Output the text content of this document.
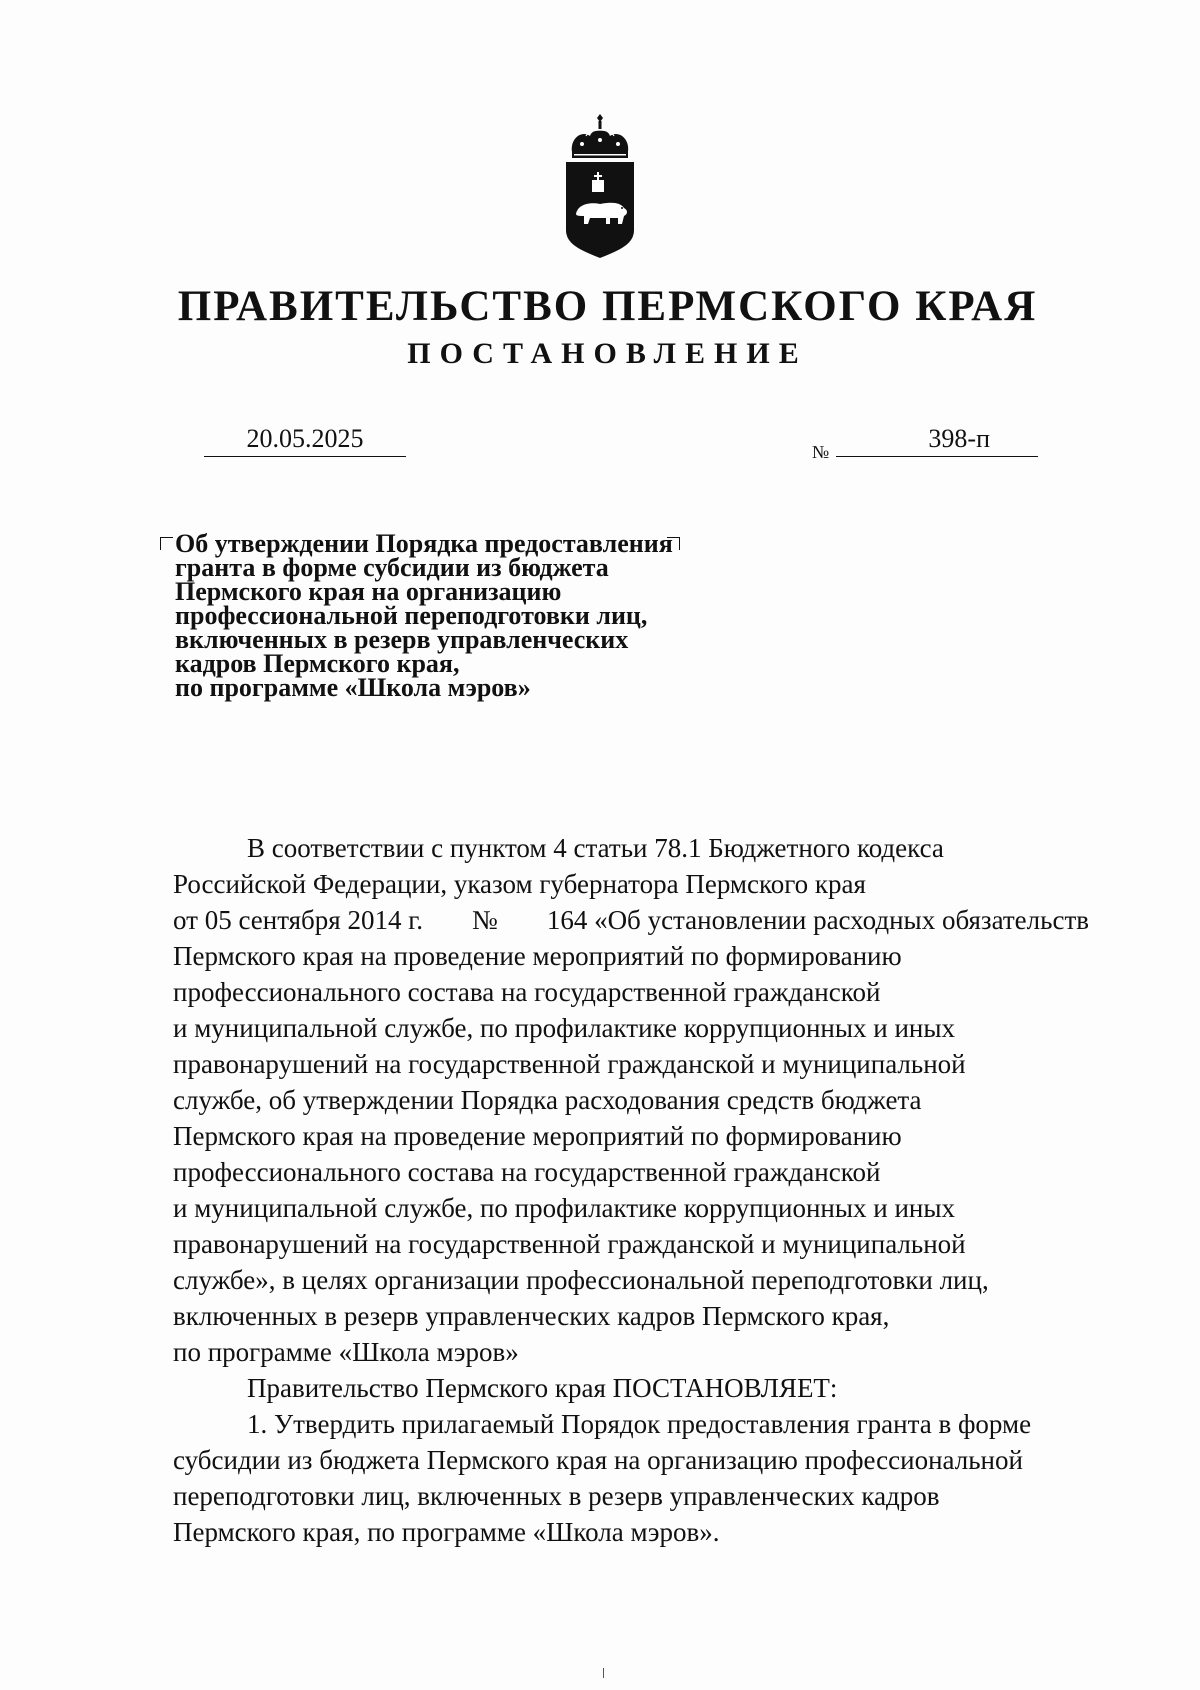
ПРАВИТЕЛЬСТВО ПЕРМСКОГО КРАЯ
ПОСТАНОВЛЕНИЕ
20.05.2025	№	398-п
Об утверждении Порядка предоставления
гранта в форме субсидии из бюджета
Пермского края на организацию
профессиональной переподготовки лиц,
включенных в резерв управленческих
кадров Пермского края,
по программе «Школа мэров»
В соответствии с пунктом 4 статьи 78.1 Бюджетного кодекса
Российской Федерации, указом губернатора Пермского края
от 05 сентября 2014 г. № 164 «Об установлении расходных обязательств
Пермского края на проведение мероприятий по формированию
профессионального состава на государственной гражданской
и муниципальной службе, по профилактике коррупционных и иных
правонарушений на государственной гражданской и муниципальной
службе, об утверждении Порядка расходования средств бюджета
Пермского края на проведение мероприятий по формированию
профессионального состава на государственной гражданской
и муниципальной службе, по профилактике коррупционных и иных
правонарушений на государственной гражданской и муниципальной
службе», в целях организации профессиональной переподготовки лиц,
включенных в резерв управленческих кадров Пермского края,
по программе «Школа мэров»
Правительство Пермского края ПОСТАНОВЛЯЕТ:
1. Утвердить прилагаемый Порядок предоставления гранта в форме
субсидии из бюджета Пермского края на организацию профессиональной
переподготовки лиц, включенных в резерв управленческих кадров
Пермского края, по программе «Школа мэров».
